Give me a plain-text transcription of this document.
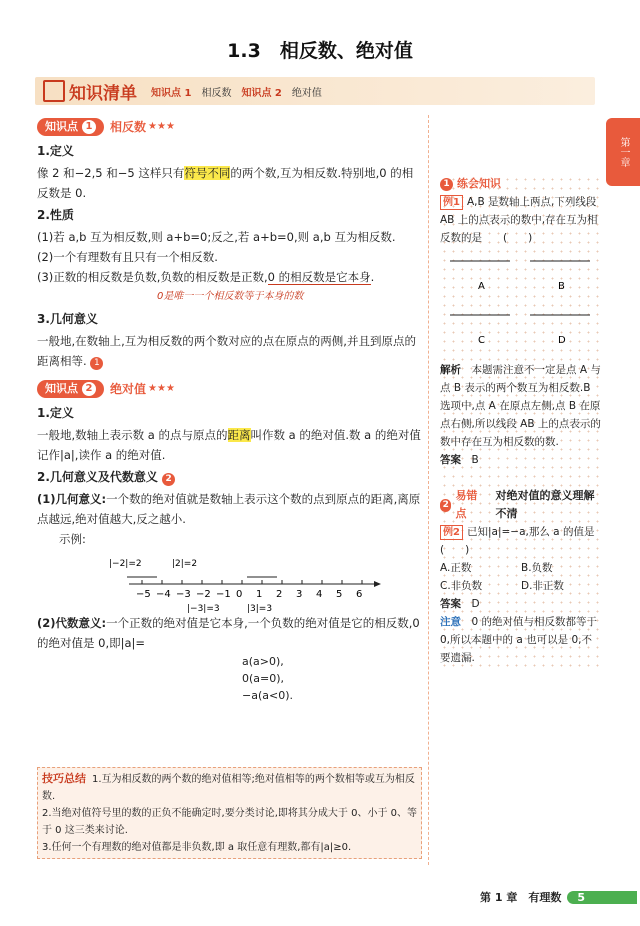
1.3　相反数、绝对值
知识清单 知识点 1　 相反数 知识点 2　 绝对值
第一章
知识点 1 相反数 ★★★
1.定义

像 2 和−2,5 和−5 这样只有符号不同的两个数,互为相反数.特别地,0 的相反数是 0.

2.性质

(1)若 a,b 互为相反数,则 a+b=0;反之,若 a+b=0,则 a,b 互为相反数.

(2)一个有理数有且只有一个相反数.

(3)正数的相反数是负数,负数的相反数是正数,0 的相反数是它本身.

0是唯一一个相反数等于本身的数
3.几何意义

一般地,在数轴上,互为相反数的两个数对应的点在原点的两侧,并且到原点的距离相等. 1

知识点 2 绝对值 ★★★
1.定义

一般地,数轴上表示数 a 的点与原点的距离叫作数 a 的绝对值.数 a 的绝对值记作|a|,读作 a 的绝对值.

2.几何意义及代数意义 2

(1)几何意义:一个数的绝对值就是数轴上表示这个数的点到原点的距离,离原点越远,绝对值越大,反之越小.

示例:

|−2|=2	|2|=2
−5 −4 −3 −2 −1 0 1 2 3 4 5 6
|−3|=3	|3|=3

(2)代数意义:一个正数的绝对值是它本身,一个负数的绝对值是它的相反数,0 的绝对值是 0,即|a|=

a(a>0),
0(a=0),
−a(a<0).
技巧总结 1.互为相反数的两个数的绝对值相等;绝对值相等的两个数相等或互为相反数.
2.当绝对值符号里的数的正负不能确定时,要分类讨论,即将其分成大于 0、小于 0、等于 0 这三类来讨论.
3.任何一个有理数的绝对值都是非负数,即 a 取任意有理数,都有|a|≥0.
1 练会知识

例1 A,B 是数轴上两点,下列线段 AB 上的点表示的数中,存在互为相反数的是　　(　　)

A	B
C	D

解析　 本题需注意不一定是点 A 与点 B 表示的两个数互为相反数.B 选项中,点 A 在原点左侧,点 B 在原点右侧,所以线段 AB 上的点表示的数中存在互为相反数的数.

答案　 B

2
易错点

对绝对值的意义理解不清

例2 已知|a|=−a,那么 a 的值是　　(　　)

A.正数	B.负数
C.非负数	D.非正数

答案　 D

注意　 0 的绝对值与相反数都等于 0,所以本题中的 a 也可以是 0,不要遗漏.

第 1 章　有理数 5
